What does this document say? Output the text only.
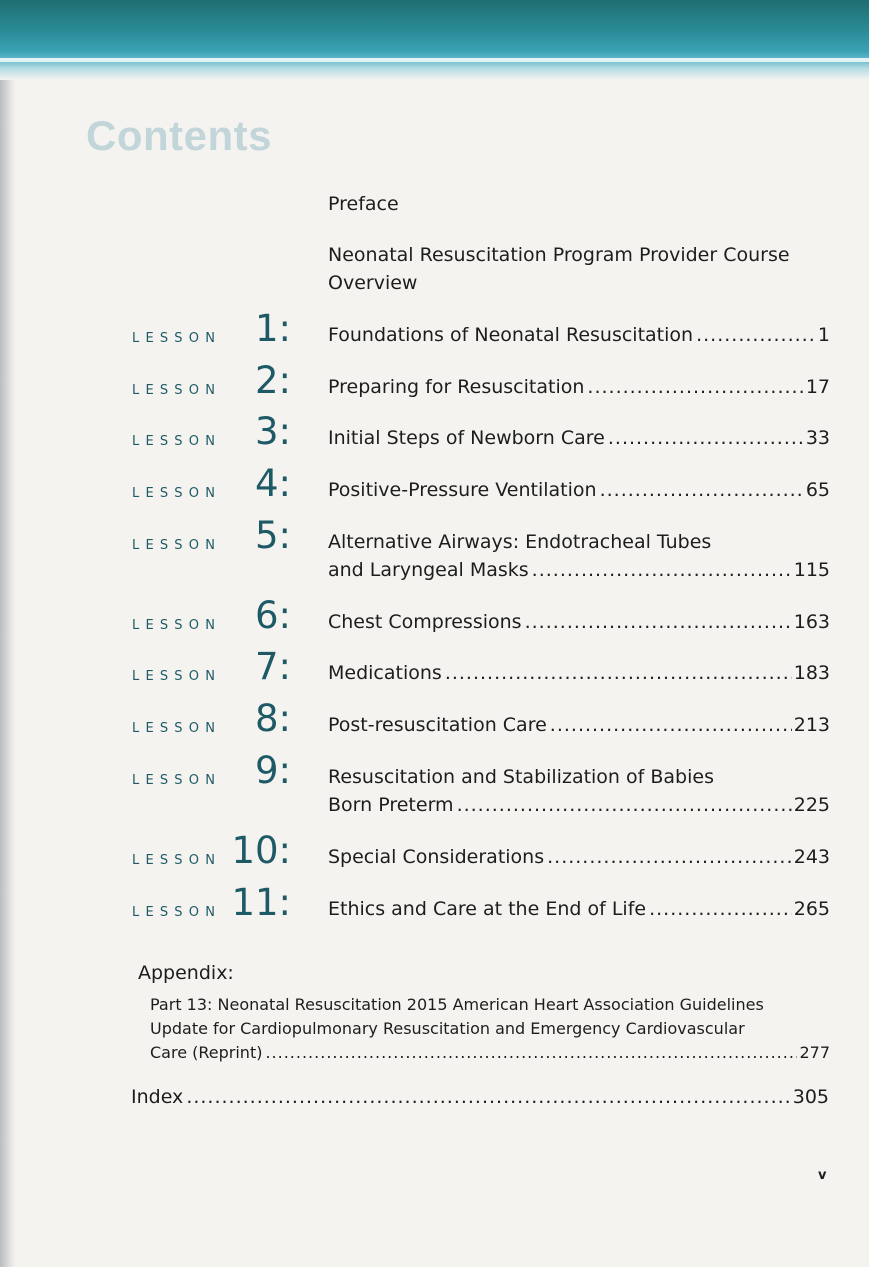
Contents
Preface
Neonatal Resuscitation Program Provider Course
Overview
LESSON 1: Foundations of Neonatal Resuscitation .....	1
LESSON 2: Preparing for Resuscitation .....	17
LESSON 3: Initial Steps of Newborn Care .....	33
LESSON 4: Positive-Pressure Ventilation .....	65
LESSON 5: Alternative Airways: Endotracheal Tubes
and Laryngeal Masks .....	115
LESSON 6: Chest Compressions .....	163
LESSON 7: Medications .....	183
LESSON 8: Post-resuscitation Care .....	213
LESSON 9: Resuscitation and Stabilization of Babies
Born Preterm .....	225
LESSON 10: Special Considerations .....	243
LESSON 11: Ethics and Care at the End of Life .....	265
Appendix:
Part 13: Neonatal Resuscitation 2015 American Heart Association Guidelines
Update for Cardiopulmonary Resuscitation and Emergency Cardiovascular
Care (Reprint) .....	277
Index .....	305
v
